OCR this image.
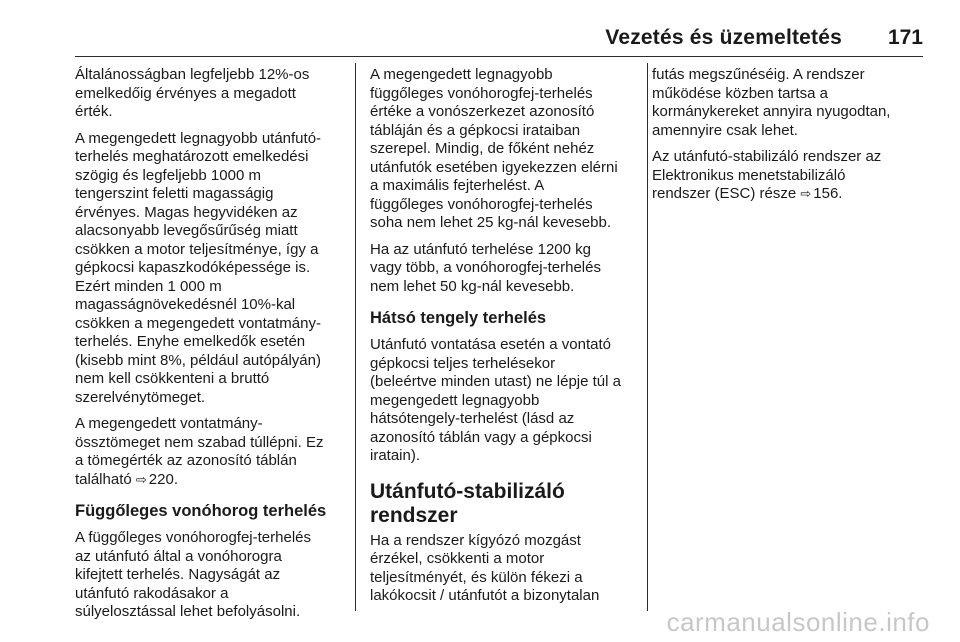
Vezetés és üzemeltetés 171

Általánosságban legfeljebb 12%-os
emelkedőig érvényes a megadott
érték.

A megengedett legnagyobb utánfutó-
terhelés meghatározott emelkedési
szögig és legfeljebb 1000 m
tengerszint feletti magasságig
érvényes. Magas hegyvidéken az
alacsonyabb levegősűrűség miatt
csökken a motor teljesítménye, így a
gépkocsi kapaszkodóképessége is.
Ezért minden 1 000 m
magasságnövekedésnél 10%-kal
csökken a megengedett vontatmány-
terhelés. Enyhe emelkedők esetén
(kisebb mint 8%, például autópályán)
nem kell csökkenteni a bruttó
szerelvénytömeget.

A megengedett vontatmány-
össztömeget nem szabad túllépni. Ez
a tömegérték az azonosító táblán
található ⇨ 220.

Függőleges vonóhorog terhelés

A függőleges vonóhorogfej-terhelés
az utánfutó által a vonóhorogra
kifejtett terhelés. Nagyságát az
utánfutó rakodásakor a
súlyelosztással lehet befolyásolni.

A megengedett legnagyobb
függőleges vonóhorogfej-terhelés
értéke a vonószerkezet azonosító
tábláján és a gépkocsi irataiban
szerepel. Mindig, de főként nehéz
utánfutók esetében igyekezzen elérni
a maximális fejterhelést. A
függőleges vonóhorogfej-terhelés
soha nem lehet 25 kg-nál kevesebb.

Ha az utánfutó terhelése 1200 kg
vagy több, a vonóhorogfej-terhelés
nem lehet 50 kg-nál kevesebb.

Hátsó tengely terhelés

Utánfutó vontatása esetén a vontató
gépkocsi teljes terhelésekor
(beleértve minden utast) ne lépje túl a
megengedett legnagyobb
hátsótengely-terhelést (lásd az
azonosító táblán vagy a gépkocsi
iratain).

Utánfutó-stabilizáló
rendszer

Ha a rendszer kígyózó mozgást
érzékel, csökkenti a motor
teljesítményét, és külön fékezi a
lakókocsit / utánfutót a bizonytalan

futás megszűnéséig. A rendszer
működése közben tartsa a
kormánykereket annyira nyugodtan,
amennyire csak lehet.

Az utánfutó-stabilizáló rendszer az
Elektronikus menetstabilizáló
rendszer (ESC) része ⇨ 156.

carmanualsonline.info
